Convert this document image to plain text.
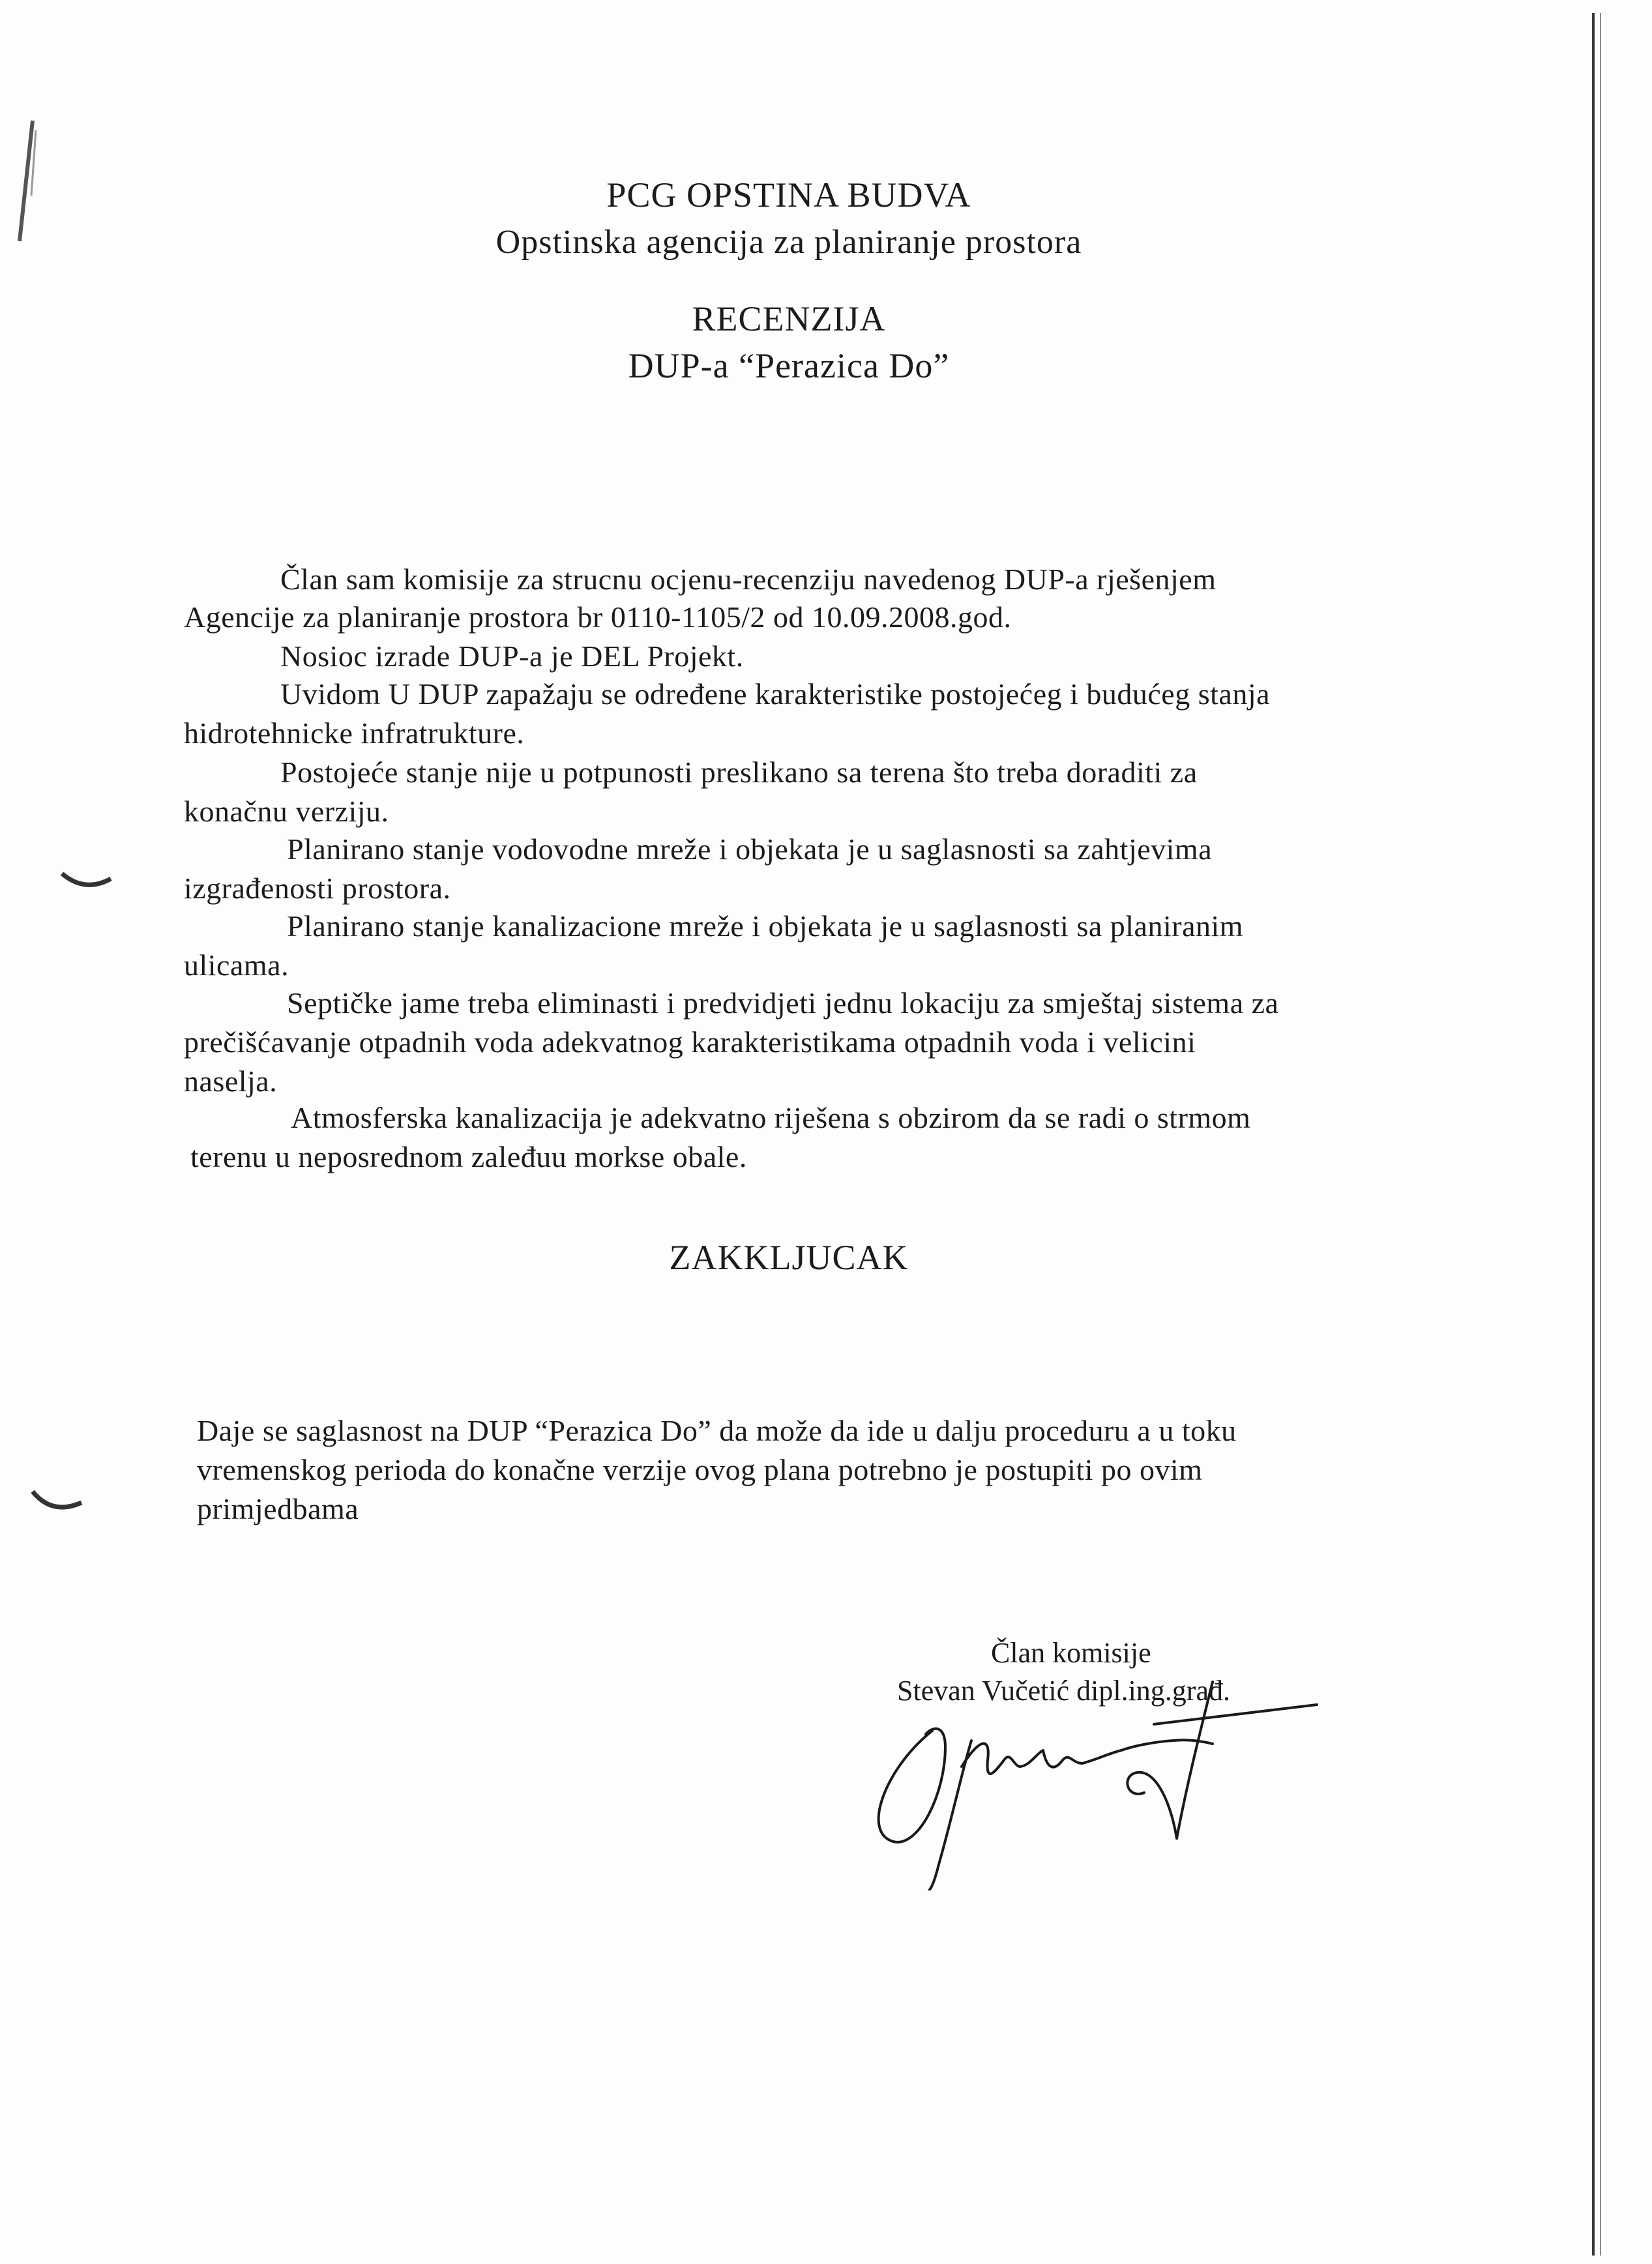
PCG OPSTINA BUDVA
Opstinska agencija za planiranje prostora
RECENZIJA
DUP-a “Perazica Do”
Član sam komisije za strucnu ocjenu-recenziju navedenog DUP-a rješenjem
Agencije za planiranje prostora br 0110-1105/2 od 10.09.2008.god.
Nosioc izrade DUP-a je DEL Projekt.
Uvidom U DUP zapažaju se određene karakteristike postojećeg i budućeg stanja
hidrotehnicke infratrukture.
Postojeće stanje nije u potpunosti preslikano sa terena što treba doraditi za
konačnu verziju.
Planirano stanje vodovodne mreže i objekata je u saglasnosti sa zahtjevima
izgrađenosti prostora.
Planirano stanje kanalizacione mreže i objekata je u saglasnosti sa planiranim
ulicama.
Septičke jame treba eliminasti i predvidjeti jednu lokaciju za smještaj sistema za
prečišćavanje otpadnih voda adekvatnog karakteristikama otpadnih voda i velicini
naselja.
Atmosferska kanalizacija je adekvatno riješena s obzirom da se radi o strmom
terenu u neposrednom zaleđuu morkse obale.
ZAKKLJUCAK
Daje se saglasnost na DUP “Perazica Do” da može da ide u dalju proceduru a u toku
vremenskog perioda do konačne verzije ovog plana potrebno je postupiti po ovim
primjedbama
Član komisije
Stevan Vučetić dipl.ing.građ.
